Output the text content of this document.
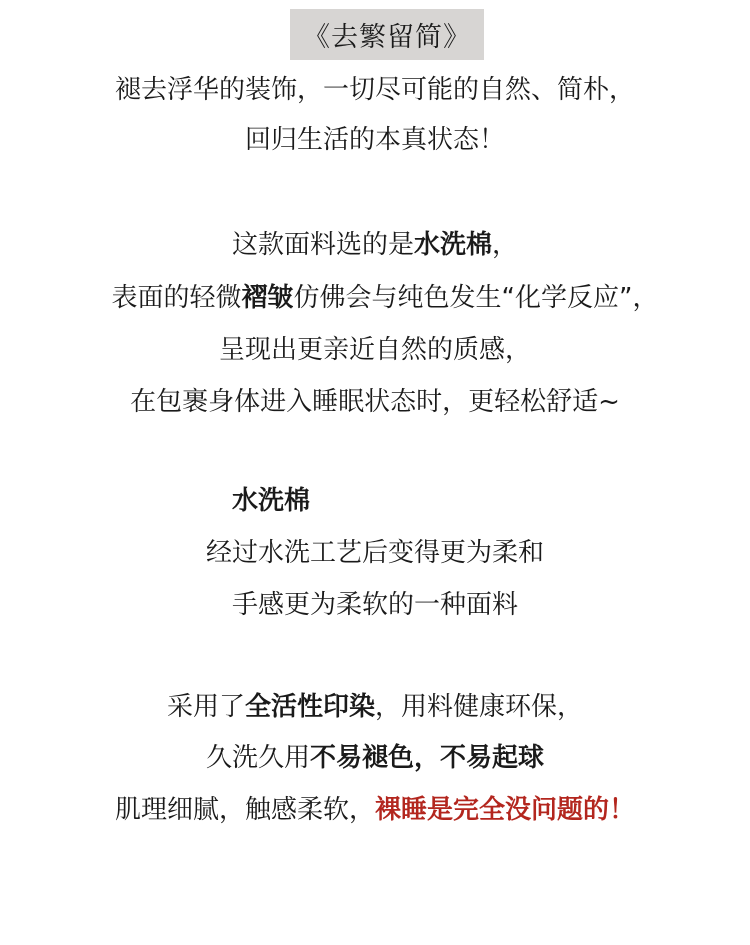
《去繁留简》
褪去浮华的装饰，一切尽可能的自然、简朴，
回归生活的本真状态！
这款面料选的是水洗棉，
表面的轻微褶皱仿佛会与纯色发生“化学反应”，
呈现出更亲近自然的质感，
在包裹身体进入睡眠状态时，更轻松舒适~
水洗棉
经过水洗工艺后变得更为柔和
手感更为柔软的一种面料
采用了全活性印染，用料健康环保，
久洗久用不易褪色，不易起球
肌理细腻，触感柔软，裸睡是完全没问题的！
